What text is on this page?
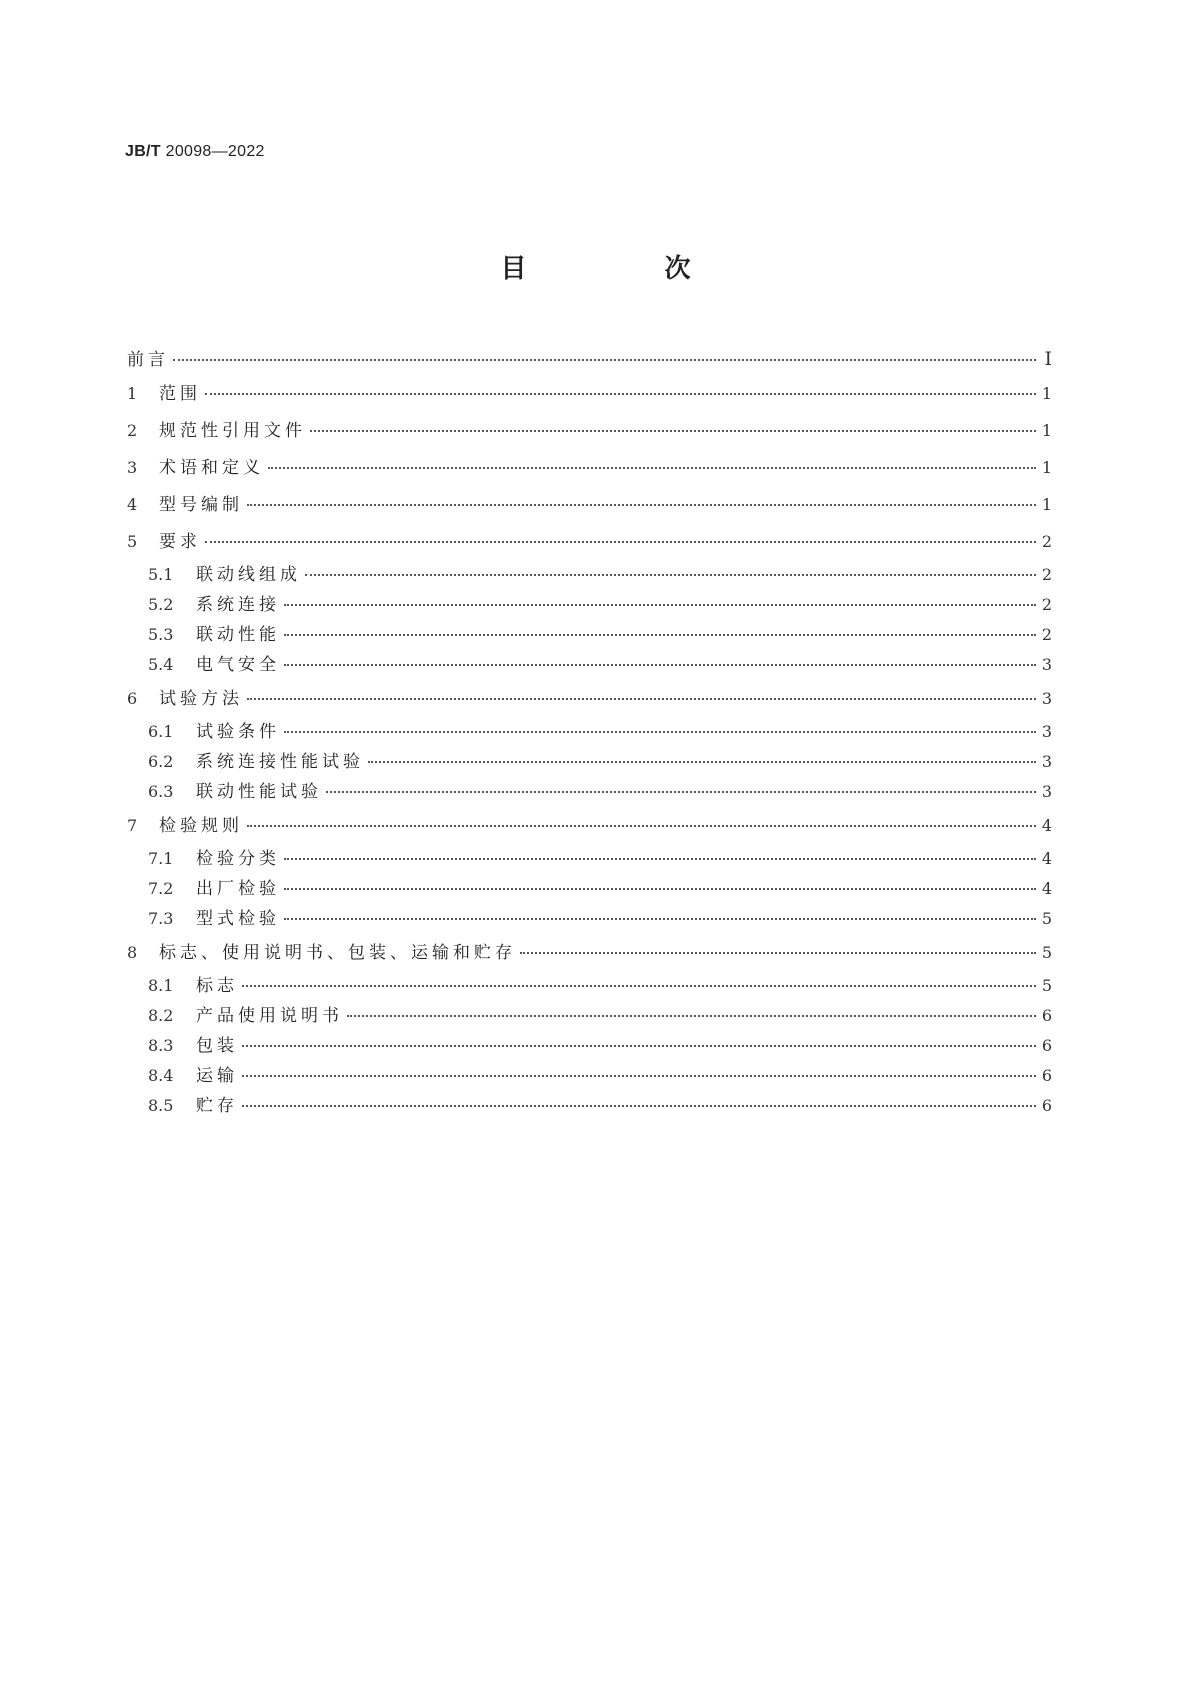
JB/T 20098—2022
目　次
前言	Ⅰ
1	范围	1
2	规范性引用文件	1
3	术语和定义	1
4	型号编制	1
5	要求	2
5.1	联动线组成	2
5.2	系统连接	2
5.3	联动性能	2
5.4	电气安全	3
6	试验方法	3
6.1	试验条件	3
6.2	系统连接性能试验	3
6.3	联动性能试验	3
7	检验规则	4
7.1	检验分类	4
7.2	出厂检验	4
7.3	型式检验	5
8	标志、使用说明书、包装、运输和贮存	5
8.1	标志	5
8.2	产品使用说明书	6
8.3	包装	6
8.4	运输	6
8.5	贮存	6
